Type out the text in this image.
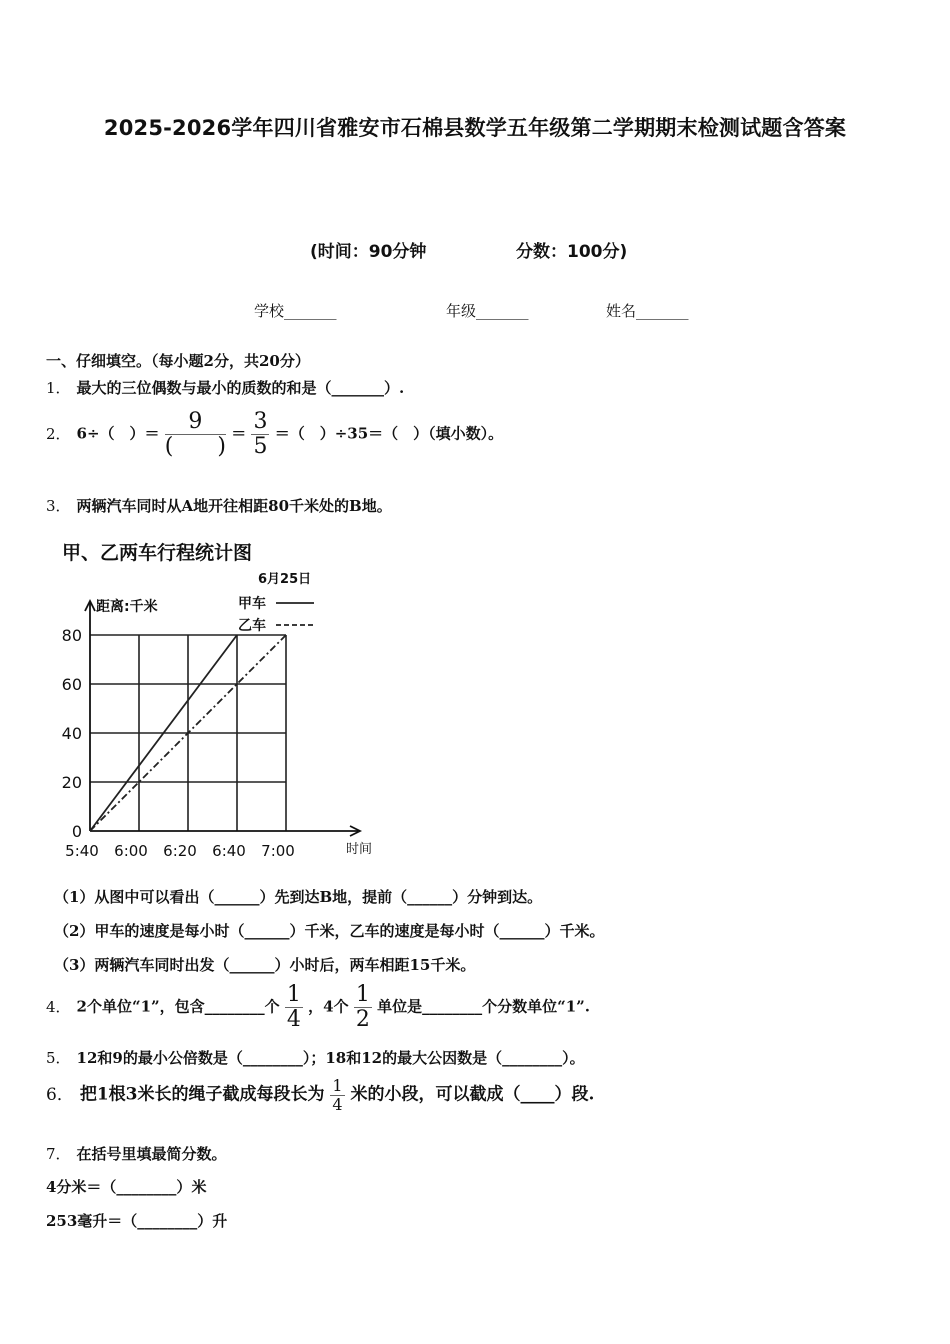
2025-2026学年四川省雅安市石棉县数学五年级第二学期期末检测试题含答案
(时间：90分钟	分数：100分)
学校_______	年级_______	姓名_______
一、仔细填空。（每小题2分，共20分）
1． 最大的三位偶数与最小的质数的和是（_______）.
2． 6÷（　）＝ $\frac{9}{( )} = \frac{3}{5}$ ＝（　）÷35＝（　）（填小数）。
3． 两辆汽车同时从A地开往相距80千米处的B地。
甲、乙两车行程统计图
0
20
40
60
80
5:40 6:00 6:20 6:40 7:00
距离:千米
时间
6月25日
甲车
乙车
（1）从图中可以看出（______）先到达B地，提前（______）分钟到达。
（2）甲车的速度是每小时（______）千米，乙车的速度是每小时（______）千米。
（3）两辆汽车同时出发（______）小时后，两车相距15千米。
4． 2个单位“1”，包含________个 $\frac{1}{4}$ ，4个 $\frac{1}{2}$ 单位是________个分数单位“1”.
5． 12和9的最小公倍数是（________）；18和12的最大公因数是（________）。
6． 把1根3米长的绳子截成每段长为 $\frac{1}{4}$ 米的小段，可以截成（____）段.
7． 在括号里填最简分数。
4分米＝（________）米
253毫升＝（________）升
